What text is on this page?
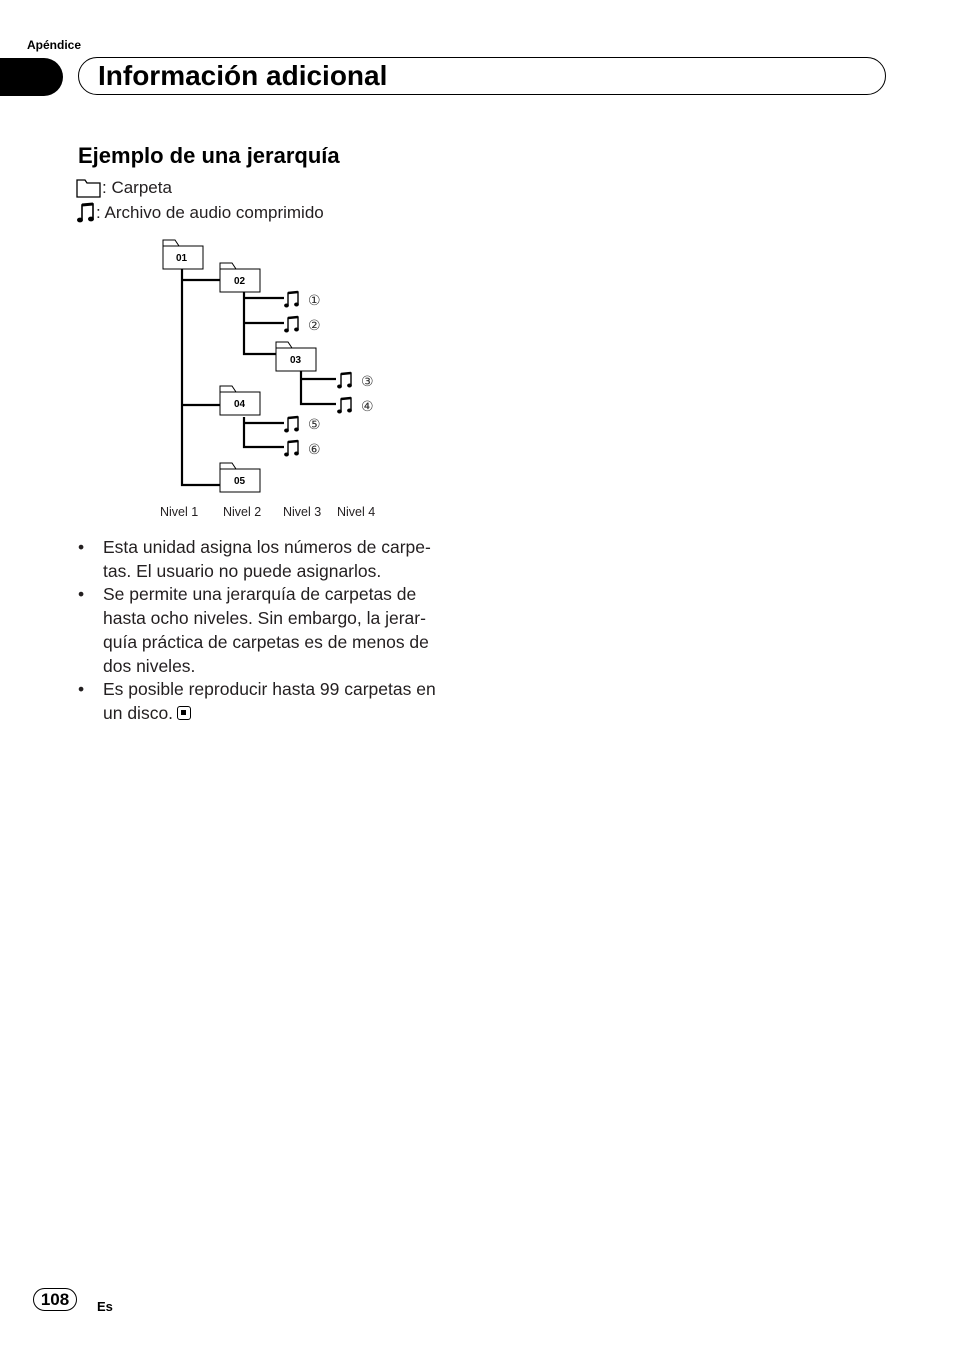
Apéndice
Información adicional
Ejemplo de una jerarquía
: Carpeta
: Archivo de audio comprimido
01
02
03
04
05
①
②
③
④
⑤
⑥
Nivel 1 Nivel 2 Nivel 3 Nivel 4
• Esta unidad asigna los números de carpe-
tas. El usuario no puede asignarlos.
• Se permite una jerarquía de carpetas de
hasta ocho niveles. Sin embargo, la jerar-
quía práctica de carpetas es de menos de
dos niveles.
• Es posible reproducir hasta 99 carpetas en
un disco.
108	Es
